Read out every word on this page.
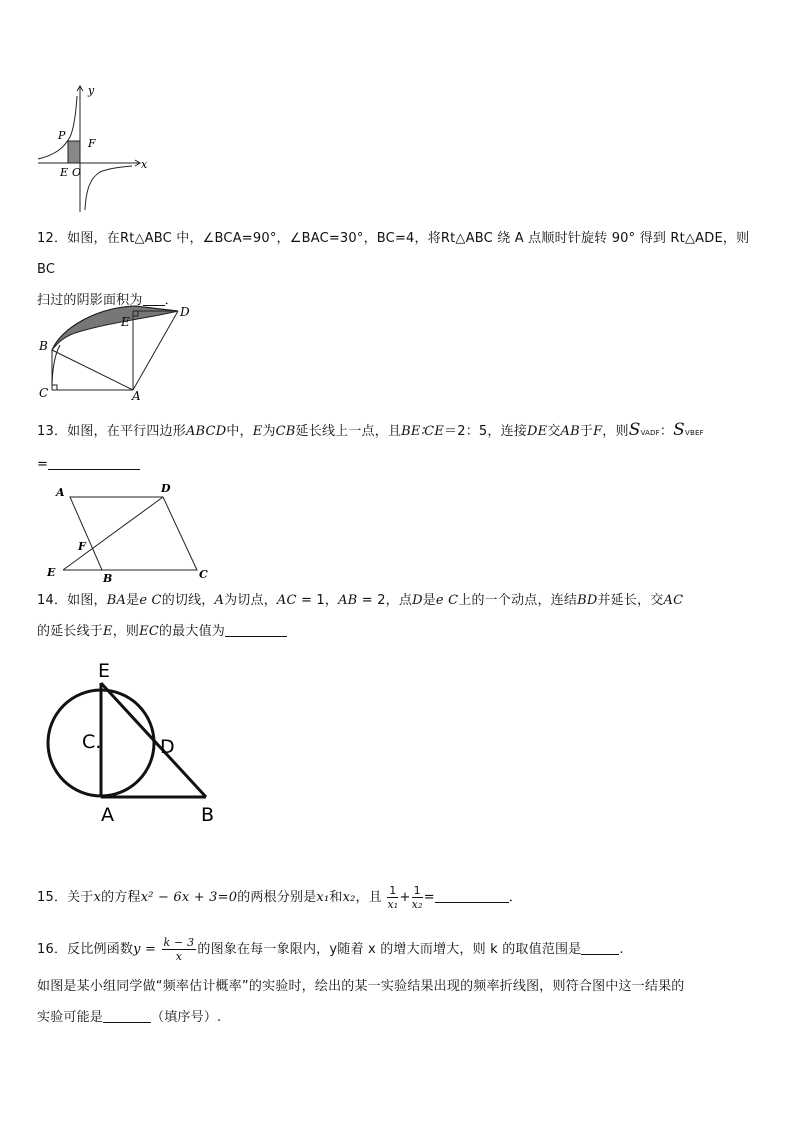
y
x
P
F
E O
12．如图，在Rt△ABC 中，∠BCA=90°，∠BAC=30°，BC=4，将Rt△ABC 绕 A 点顺时针旋转 90° 得到 Rt△ADE，则 BC
扫过的阴影面积为 ．
B
C	A
E
D
13．如图，在平行四边形ABCD中，E为CB延长线上一点，且BE∶CE＝2：5，连接DE交AB于F，则SVADF：SVBEF
=
A	D
F
E	B	C
14．如图，BA是e C的切线，A为切点，AC = 1，AB = 2，点D是e C上的一个动点，连结BD并延长，交AC
的延长线于E，则EC的最大值为
E
C.	D
A	B
15．关于x的方程x² − 6x + 3=0的两根分别是x₁和x₂，且 $\frac{1}{\text{x₁}} + \frac{1}{\text{x₂}}$ =	．
16．反比例函数$y = \frac{k - 3}{x}$ 的图象在每一象限内，y随着 x 的增大而增大，则 k 的取值范围是	.
如图是某小组同学做“频率估计概率”的实验时，绘出的某一实验结果出现的频率折线图，则符合图中这一结果的
实验可能是	（填序号）.
